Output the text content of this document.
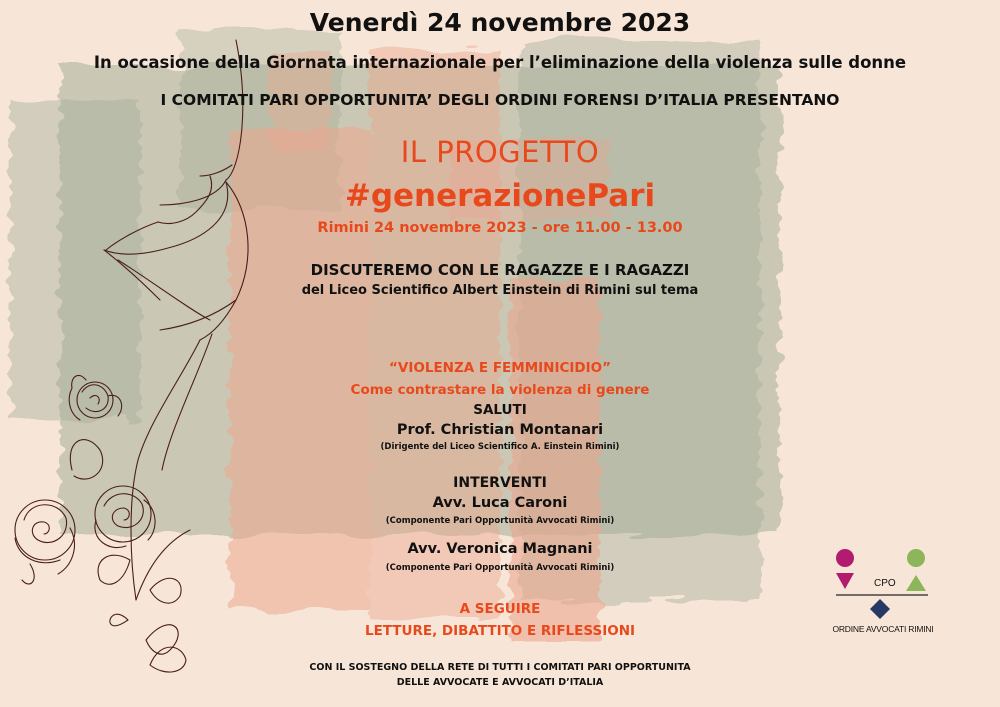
Venerdì 24 novembre 2023
In occasione della Giornata internazionale per l’eliminazione della violenza sulle donne
I COMITATI PARI OPPORTUNITA’ DEGLI ORDINI FORENSI D’ITALIA PRESENTANO
IL PROGETTO
#generazionePari
Rimini 24 novembre 2023 - ore 11.00 - 13.00
DISCUTEREMO CON LE RAGAZZE E I RAGAZZI
del Liceo Scientifico Albert Einstein di Rimini sul tema
“VIOLENZA E FEMMINICIDIO”
Come contrastare la violenza di genere
SALUTI
Prof. Christian Montanari
(Dirigente del Liceo Scientifico A. Einstein Rimini)
INTERVENTI
Avv. Luca Caroni
(Componente Pari Opportunità Avvocati Rimini)
Avv. Veronica Magnani
(Componente Pari Opportunità Avvocati Rimini)
A SEGUIRE
LETTURE, DIBATTITO E RIFLESSIONI
CON IL SOSTEGNO DELLA RETE DI TUTTI I COMITATI PARI OPPORTUNITA
DELLE AVVOCATE E AVVOCATI D’ITALIA
CPO
ORDINE AVVOCATI RIMINI
